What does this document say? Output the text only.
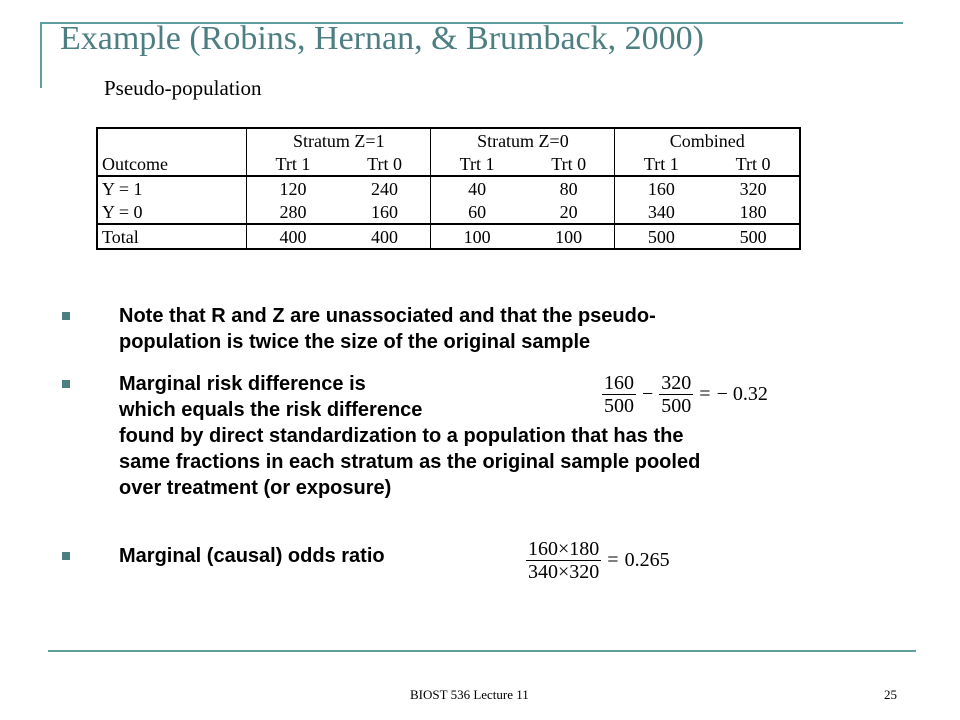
Example (Robins, Hernan, & Brumback, 2000)
Pseudo-population
	Stratum Z=1		Stratum Z=0		Combined	
Outcome	Trt 1	Trt 0	Trt 1	Trt 0	Trt 1	Trt 0
Y = 1	120	240	40	80	160	320
Y = 0	280	160	60	20	340	180
Total	400	400	100	100	500	500
Note that R and Z are unassociated and that the pseudo-
population is twice the size of the original sample
Marginal risk difference is
which equals the risk difference
found by direct standardization to a population that has the
same fractions in each stratum as the original sample pooled
over treatment (or exposure)
Marginal (causal) odds ratio
$\frac{160}{500} - \frac{320}{500}$ = − 0.32
$\frac{160\times 180}{340\times 320} = 0.265$
BIOST 536 Lecture 11	25
